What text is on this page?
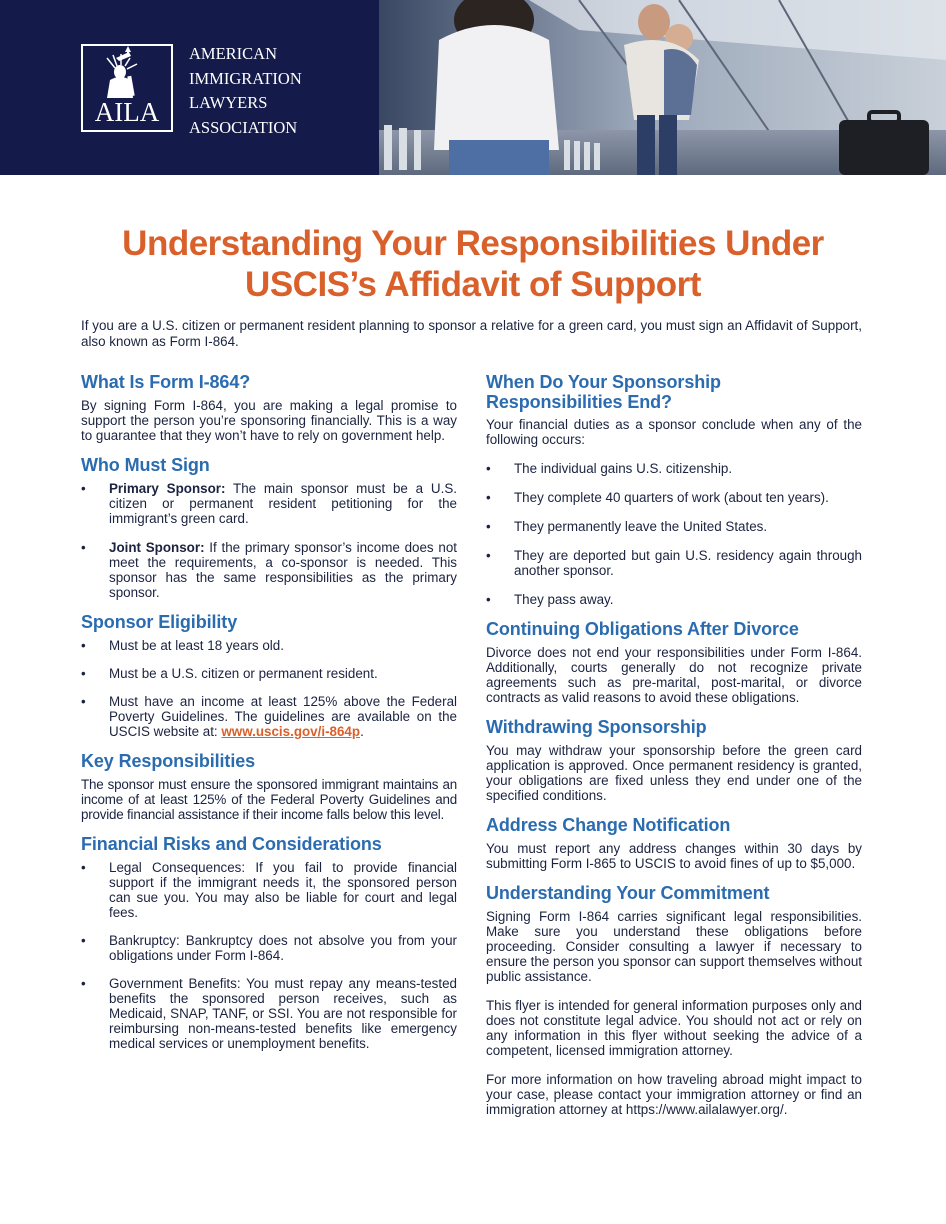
AILA
AMERICAN
IMMIGRATION
LAWYERS
ASSOCIATION
Understanding Your Responsibilities Under
USCIS’s Affidavit of Support

If you are a U.S. citizen or permanent resident planning to sponsor a relative for a green card, you must sign an Affidavit of Support, also known as Form I-864.

What Is Form I-864?

By signing Form I-864, you are making a legal promise to support the person you’re sponsoring financially. This is a way to guarantee that they won’t have to rely on government help.

Who Must Sign
• Primary Sponsor: The main sponsor must be a U.S. citizen or permanent resident petitioning for the immigrant’s green card.
• Joint Sponsor: If the primary sponsor’s income does not meet the requirements, a co-sponsor is needed. This sponsor has the same responsibilities as the primary sponsor.
Sponsor Eligibility
• Must be at least 18 years old.
• Must be a U.S. citizen or permanent resident.
• Must have an income at least 125% above the Federal Poverty Guidelines. The guidelines are available on the USCIS website at: www.uscis.gov/i-864p.
Key Responsibilities

The sponsor must ensure the sponsored immigrant maintains an income of at least 125% of the Federal Poverty Guidelines and provide financial assistance if their income falls below this level.

Financial Risks and Considerations
• Legal Consequences: If you fail to provide financial support if the immigrant needs it, the sponsored person can sue you. You may also be liable for court and legal fees.
• Bankruptcy: Bankruptcy does not absolve you from your obligations under Form I-864.
• Government Benefits: You must repay any means-tested benefits the sponsored person receives, such as Medicaid, SNAP, TANF, or SSI. You are not responsible for reimbursing non-means-tested benefits like emergency medical services or unemployment benefits.
When Do Your Sponsorship Responsibilities End?

Your financial duties as a sponsor conclude when any of the following occurs:

• The individual gains U.S. citizenship.
• They complete 40 quarters of work (about ten years).
• They permanently leave the United States.
• They are deported but gain U.S. residency again through another sponsor.
• They pass away.
Continuing Obligations After Divorce

Divorce does not end your responsibilities under Form I-864. Additionally, courts generally do not recognize private agreements such as pre-marital, post-marital, or divorce contracts as valid reasons to avoid these obligations.

Withdrawing Sponsorship

You may withdraw your sponsorship before the green card application is approved. Once permanent residency is granted, your obligations are fixed unless they end under one of the specified conditions.

Address Change Notification

You must report any address changes within 30 days by submitting Form I-865 to USCIS to avoid fines of up to $5,000.

Understanding Your Commitment

Signing Form I-864 carries significant legal responsibilities. Make sure you understand these obligations before proceeding. Consider consulting a lawyer if necessary to ensure the person you sponsor can support themselves without public assistance.

This flyer is intended for general information purposes only and does not constitute legal advice. You should not act or rely on any information in this flyer without seeking the advice of a competent, licensed immigration attorney.

For more information on how traveling abroad might impact to your case, please contact your immigration attorney or find an immigration attorney at https://www.ailalawyer.org/.
